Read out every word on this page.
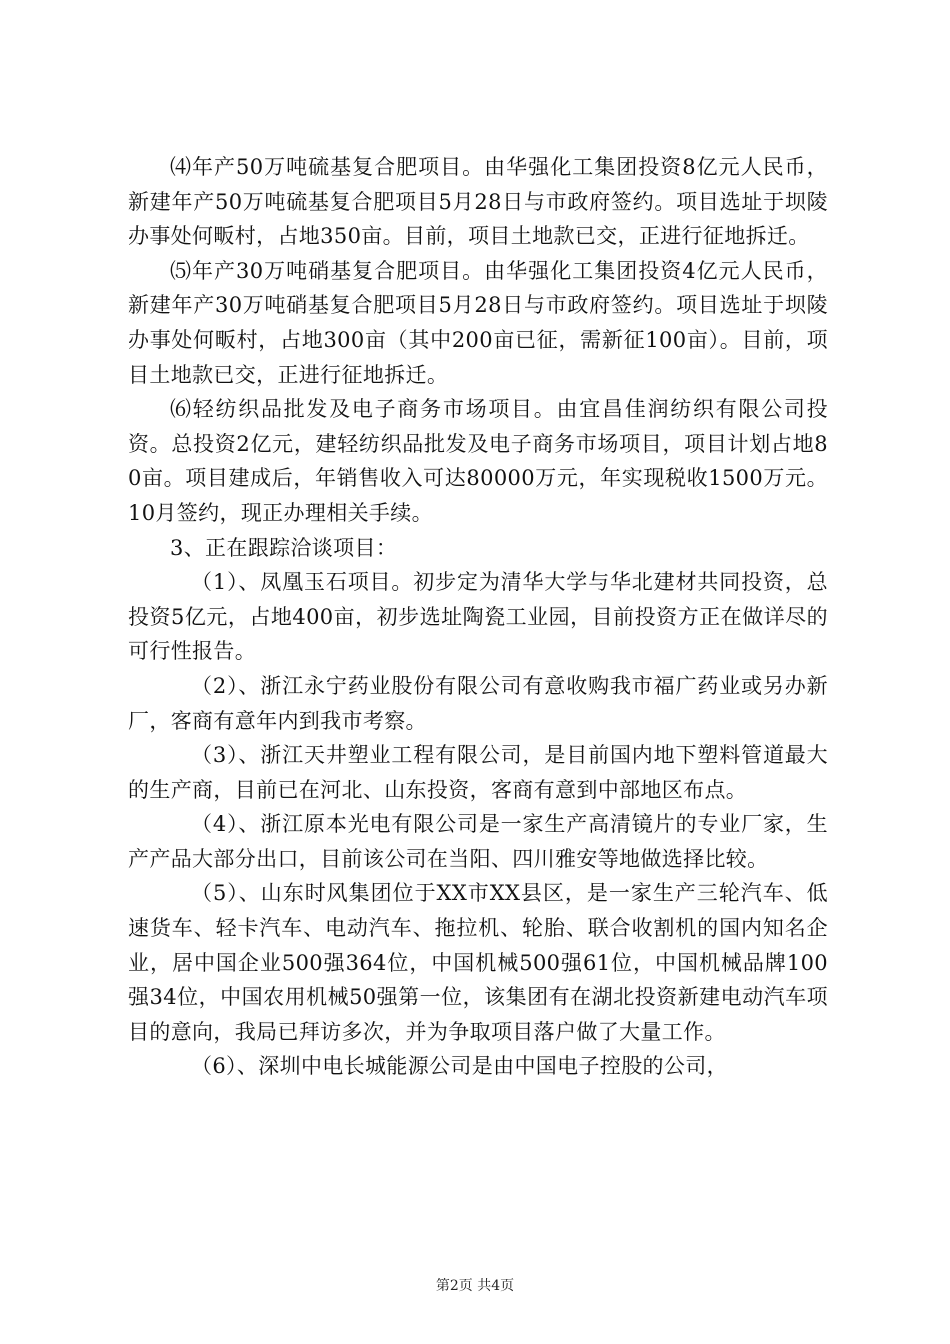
⑷年产50万吨硫基复合肥项目。由华强化工集团投资8亿元人民币，新建年产50万吨硫基复合肥项目5月28日与市政府签约。项目选址于坝陵办事处何畈村，占地350亩。目前，项目土地款已交，正进行征地拆迁。

⑸年产30万吨硝基复合肥项目。由华强化工集团投资4亿元人民币，新建年产30万吨硝基复合肥项目5月28日与市政府签约。项目选址于坝陵办事处何畈村，占地300亩（其中200亩已征，需新征100亩）。目前，项目土地款已交，正进行征地拆迁。

⑹轻纺织品批发及电子商务市场项目。由宜昌佳润纺织有限公司投资。总投资2亿元，建轻纺织品批发及电子商务市场项目，项目计划占地80亩。项目建成后，年销售收入可达80000万元，年实现税收1500万元。10月签约，现正办理相关手续。

3、正在跟踪洽谈项目：

（1）、凤凰玉石项目。初步定为清华大学与华北建材共同投资，总投资5亿元，占地400亩，初步选址陶瓷工业园，目前投资方正在做详尽的可行性报告。

（2）、浙江永宁药业股份有限公司有意收购我市福广药业或另办新厂，客商有意年内到我市考察。

（3）、浙江天井塑业工程有限公司，是目前国内地下塑料管道最大的生产商，目前已在河北、山东投资，客商有意到中部地区布点。

（4）、浙江原本光电有限公司是一家生产高清镜片的专业厂家，生产产品大部分出口，目前该公司在当阳、四川雅安等地做选择比较。

（5）、山东时风集团位于XX市XX县区，是一家生产三轮汽车、低速货车、轻卡汽车、电动汽车、拖拉机、轮胎、联合收割机的国内知名企业，居中国企业500强364位，中国机械500强61位，中国机械品牌100强34位，中国农用机械50强第一位，该集团有在湖北投资新建电动汽车项目的意向，我局已拜访多次，并为争取项目落户做了大量工作。

（6）、深圳中电长城能源公司是由中国电子控股的公司，

第2页 共4页
